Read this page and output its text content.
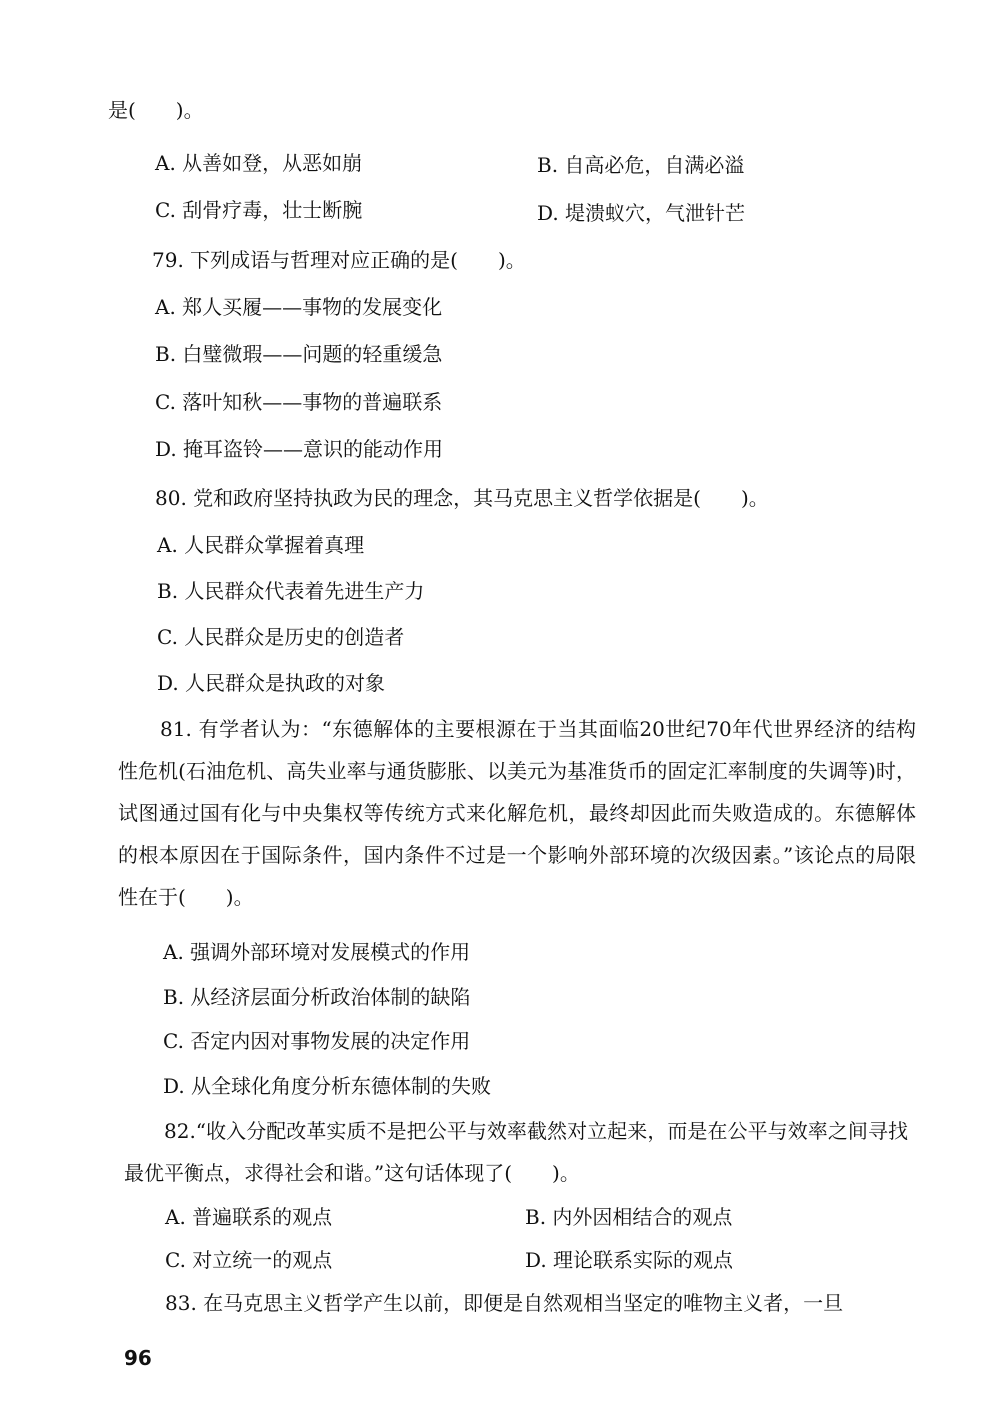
是(　　)。
A. 从善如登，从恶如崩	B. 自高必危，自满必溢
C. 刮骨疗毒，壮士断腕	D. 堤溃蚁穴，气泄针芒
79. 下列成语与哲理对应正确的是(　　)。
A. 郑人买履——事物的发展变化
B. 白璧微瑕——问题的轻重缓急
C. 落叶知秋——事物的普遍联系
D. 掩耳盗铃——意识的能动作用
80. 党和政府坚持执政为民的理念，其马克思主义哲学依据是(　　)。
A. 人民群众掌握着真理
B. 人民群众代表着先进生产力
C. 人民群众是历史的创造者
D. 人民群众是执政的对象
81. 有学者认为：“东德解体的主要根源在于当其面临20世纪70年代世界经济的结构性危机(石油危机、高失业率与通货膨胀、以美元为基准货币的固定汇率制度的失调等)时，试图通过国有化与中央集权等传统方式来化解危机，最终却因此而失败造成的。东德解体的根本原因在于国际条件，国内条件不过是一个影响外部环境的次级因素。”该论点的局限性在于(　　)。
A. 强调外部环境对发展模式的作用
B. 从经济层面分析政治体制的缺陷
C. 否定内因对事物发展的决定作用
D. 从全球化角度分析东德体制的失败
82.“收入分配改革实质不是把公平与效率截然对立起来，而是在公平与效率之间寻找最优平衡点，求得社会和谐。”这句话体现了(　　)。
A. 普遍联系的观点	B. 内外因相结合的观点
C. 对立统一的观点	D. 理论联系实际的观点
83. 在马克思主义哲学产生以前，即便是自然观相当坚定的唯物主义者，一旦
96
